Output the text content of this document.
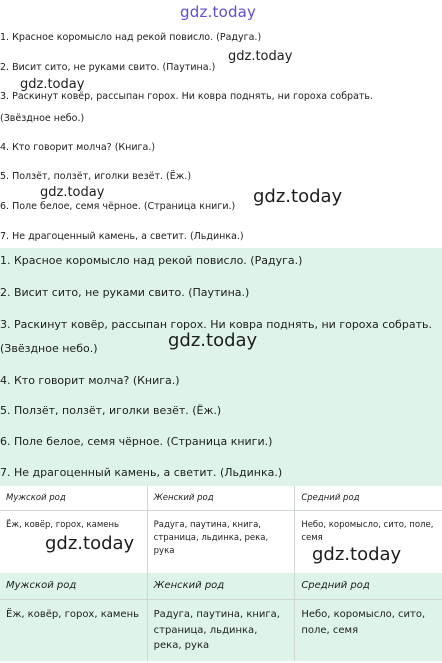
gdz.today
1. Красное коромысло над рекой повисло. (Радуга.)
2. Висит сито, не руками свито. (Паутина.)
3. Раскинут ковёр, рассыпан горох. Ни ковра поднять, ни гороха собрать.
(Звёздное небо.)
4. Кто говорит молча? (Книга.)
5. Ползёт, ползёт, иголки везёт. (Ёж.)
6. Поле белое, семя чёрное. (Страница книги.)
7. Не драгоценный камень, а светит. (Льдинка.)
gdz.today
gdz.today
gdz.today	gdz.today
1. Красное коромысло над рекой повисло. (Радуга.)
2. Висит сито, не руками свито. (Паутина.)
3. Раскинут ковёр, рассыпан горох. Ни ковра поднять, ни гороха собрать.
(Звёздное небо.)
4. Кто говорит молча? (Книга.)
5. Ползёт, ползёт, иголки везёт. (Ёж.)
6. Поле белое, семя чёрное. (Страница книги.)
7. Не драгоценный камень, а светит. (Льдинка.)
gdz.today
Мужской род	Женский род	Средний род
Ёж, ковёр, горох, камень	Радуга, паутина, книга, страница, льдинка, река, рука	Небо, коромысло, сито, поле, семя
gdz.today
gdz.today
Мужской род	Женский род	Средний род
Ёж, ковёр, горох, камень	Радуга, паутина, книга, страница, льдинка, река, рука	Небо, коромысло, сито, поле, семя
